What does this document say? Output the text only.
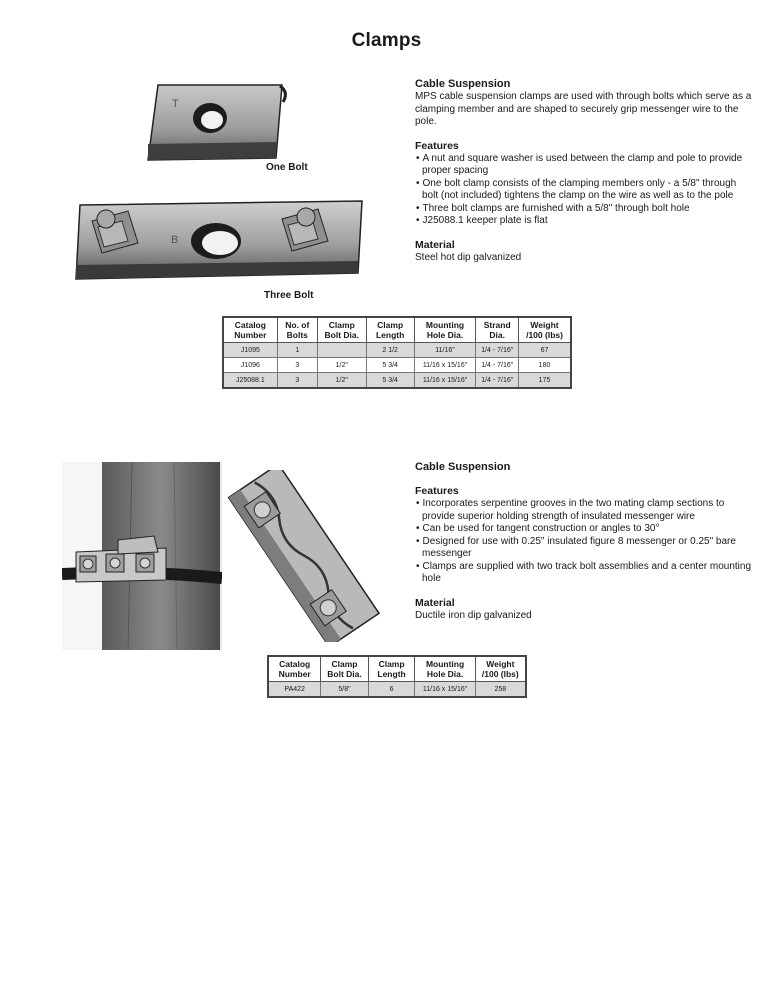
Clamps
T
One Bolt
B
Three Bolt
Cable Suspension

MPS cable suspension clamps are used with through bolts which serve as a clamping member and are shaped to securely grip messenger wire to the pole.

Features
• A nut and square washer is used between the clamp and pole to provide proper spacing
• One bolt clamp consists of the clamping members only - a 5/8" through bolt (not included) tightens the clamp on the wire as well as to the pole
• Three bolt clamps are furnished with a 5/8" through bolt hole
• J25088.1 keeper plate is flat
Material

Steel hot dip galvanized

Catalog Number	No. of Bolts	Clamp Bolt Dia.	Clamp Length	Mounting Hole Dia.	Strand Dia.	Weight /100 (lbs)
J1095	1		2 1/2	11/16"	1/4 - 7/16"	67
J1096	3	1/2"	5 3/4	11/16 x 15/16"	1/4 - 7/16"	180
J25088.1	3	1/2"	5 3/4	11/16 x 15/16"	1/4 - 7/16"	175
Cable Suspension
Features
• Incorporates serpentine grooves in the two mating clamp sections to provide superior holding strength of insulated messenger wire
• Can be used for tangent construction or angles to 30°
• Designed for use with 0.25" insulated figure 8 messenger or 0.25" bare messenger
• Clamps are supplied with two track bolt assemblies and a center mounting hole
Material

Ductile iron dip galvanized

Catalog Number	Clamp Bolt Dia.	Clamp Length	Mounting Hole Dia.	Weight /100 (lbs)
PA422	5/8"	6	11/16 x 15/16"	258
